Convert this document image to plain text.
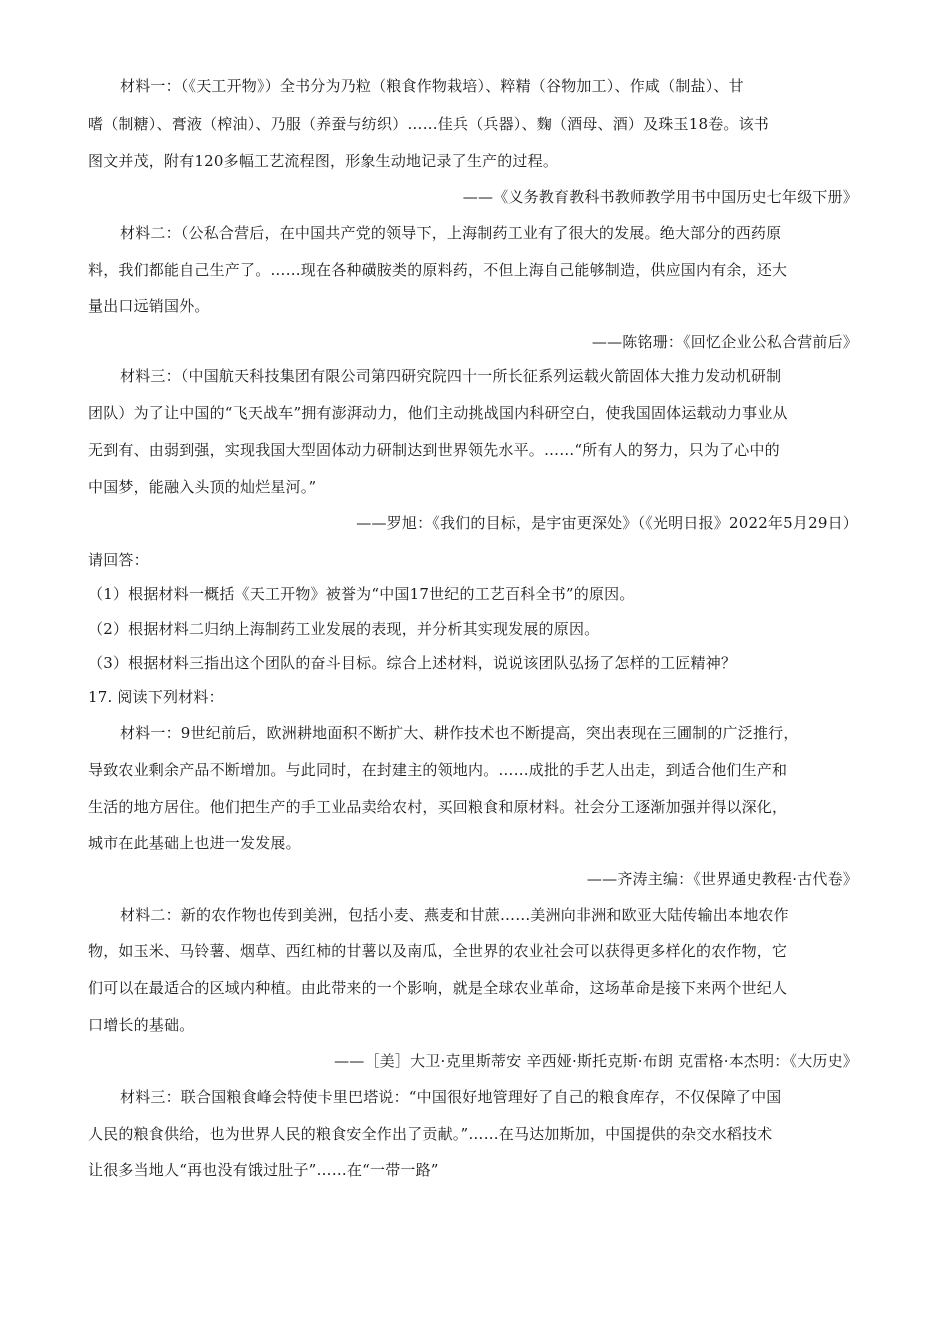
材料一：（《天工开物》）全书分为乃粒（粮食作物栽培）、粹精（谷物加工）、作咸（制盐）、甘
嗜（制糖）、膏液（榨油）、乃服（养蚕与纺织）……佳兵（兵器）、麴（酒母、酒）及珠玉18卷。该书
图文并茂，附有120多幅工艺流程图，形象生动地记录了生产的过程。
——《义务教育教科书教师教学用书中国历史七年级下册》
材料二：（公私合营后，在中国共产党的领导下，上海制药工业有了很大的发展。绝大部分的西药原
料，我们都能自己生产了。……现在各种磺胺类的原料药，不但上海自己能够制造，供应国内有余，还大
量出口远销国外。
——陈铭珊：《回忆企业公私合营前后》
材料三：（中国航天科技集团有限公司第四研究院四十一所长征系列运载火箭固体大推力发动机研制
团队）为了让中国的“飞天战车”拥有澎湃动力，他们主动挑战国内科研空白，使我国固体运载动力事业从
无到有、由弱到强，实现我国大型固体动力研制达到世界领先水平。……“所有人的努力，只为了心中的
中国梦，能融入头顶的灿烂星河。”
——罗旭：《我们的目标，是宇宙更深处》（《光明日报》2022年5月29日）
请回答：
（1）根据材料一概括《天工开物》被誉为“中国17世纪的工艺百科全书”的原因。
（2）根据材料二归纳上海制药工业发展的表现，并分析其实现发展的原因。
（3）根据材料三指出这个团队的奋斗目标。综合上述材料，说说该团队弘扬了怎样的工匠精神？
17. 阅读下列材料：
材料一：9世纪前后，欧洲耕地面积不断扩大、耕作技术也不断提高，突出表现在三圃制的广泛推行，
导致农业剩余产品不断增加。与此同时，在封建主的领地内。……成批的手艺人出走，到适合他们生产和
生活的地方居住。他们把生产的手工业品卖给农村，买回粮食和原材料。社会分工逐渐加强并得以深化，
城市在此基础上也进一发发展。
——齐涛主编：《世界通史教程·古代卷》
材料二：新的农作物也传到美洲，包括小麦、燕麦和甘蔗……美洲向非洲和欧亚大陆传输出本地农作
物，如玉米、马铃薯、烟草、西红柿的甘薯以及南瓜，全世界的农业社会可以获得更多样化的农作物，它
们可以在最适合的区域内种植。由此带来的一个影响，就是全球农业革命，这场革命是接下来两个世纪人
口增长的基础。
——［美］大卫·克里斯蒂安 辛西娅·斯托克斯·布朗 克雷格·本杰明：《大历史》
材料三：联合国粮食峰会特使卡里巴塔说：“中国很好地管理好了自己的粮食库存，不仅保障了中国
人民的粮食供给，也为世界人民的粮食安全作出了贡献。”……在马达加斯加，中国提供的杂交水稻技术
让很多当地人“再也没有饿过肚子”……在“一带一路”
